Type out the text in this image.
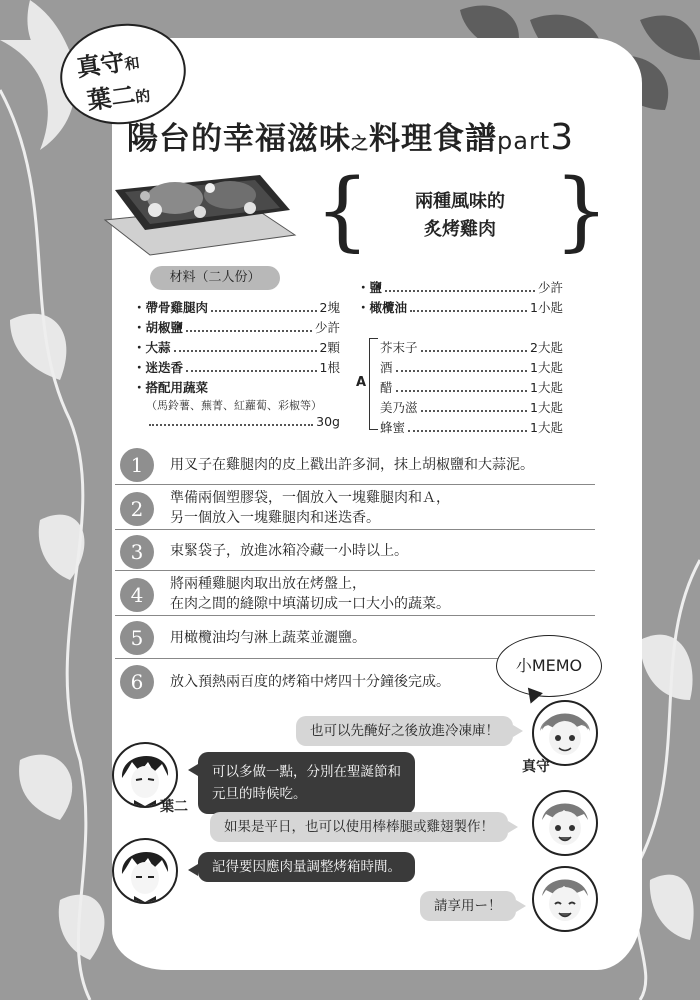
真守和
葉二的
陽台的幸福滋味之料理食譜part3
{ }
兩種風味的
炙烤雞肉
材料（二人份）
・帶骨雞腿肉	2塊
・胡椒鹽	少許
・大蒜	2顆
・迷迭香	1根
・搭配用蔬菜
（馬鈴薯、蕪菁、紅蘿蔔、彩椒等）
30g
・鹽	少許
・橄欖油	1小匙
A
芥末子	2大匙
酒	1大匙
醋	1大匙
美乃滋	1大匙
蜂蜜	1大匙
1	用叉子在雞腿肉的皮上戳出許多洞，抹上胡椒鹽和大蒜泥。
2	準備兩個塑膠袋，一個放入一塊雞腿肉和Ａ，
另一個放入一塊雞腿肉和迷迭香。
3	束緊袋子，放進冰箱冷藏一小時以上。
4	將兩種雞腿肉取出放在烤盤上，
在肉之間的縫隙中填滿切成一口大小的蔬菜。
5	用橄欖油均勻淋上蔬菜並灑鹽。
6	放入預熱兩百度的烤箱中烤四十分鐘後完成。
小MEMO
真守
葉二
也可以先醃好之後放進冷凍庫！
可以多做一點，分別在聖誕節和
元旦的時候吃。
如果是平日，也可以使用棒棒腿或雞翅製作！
記得要因應肉量調整烤箱時間。
請享用ー！
